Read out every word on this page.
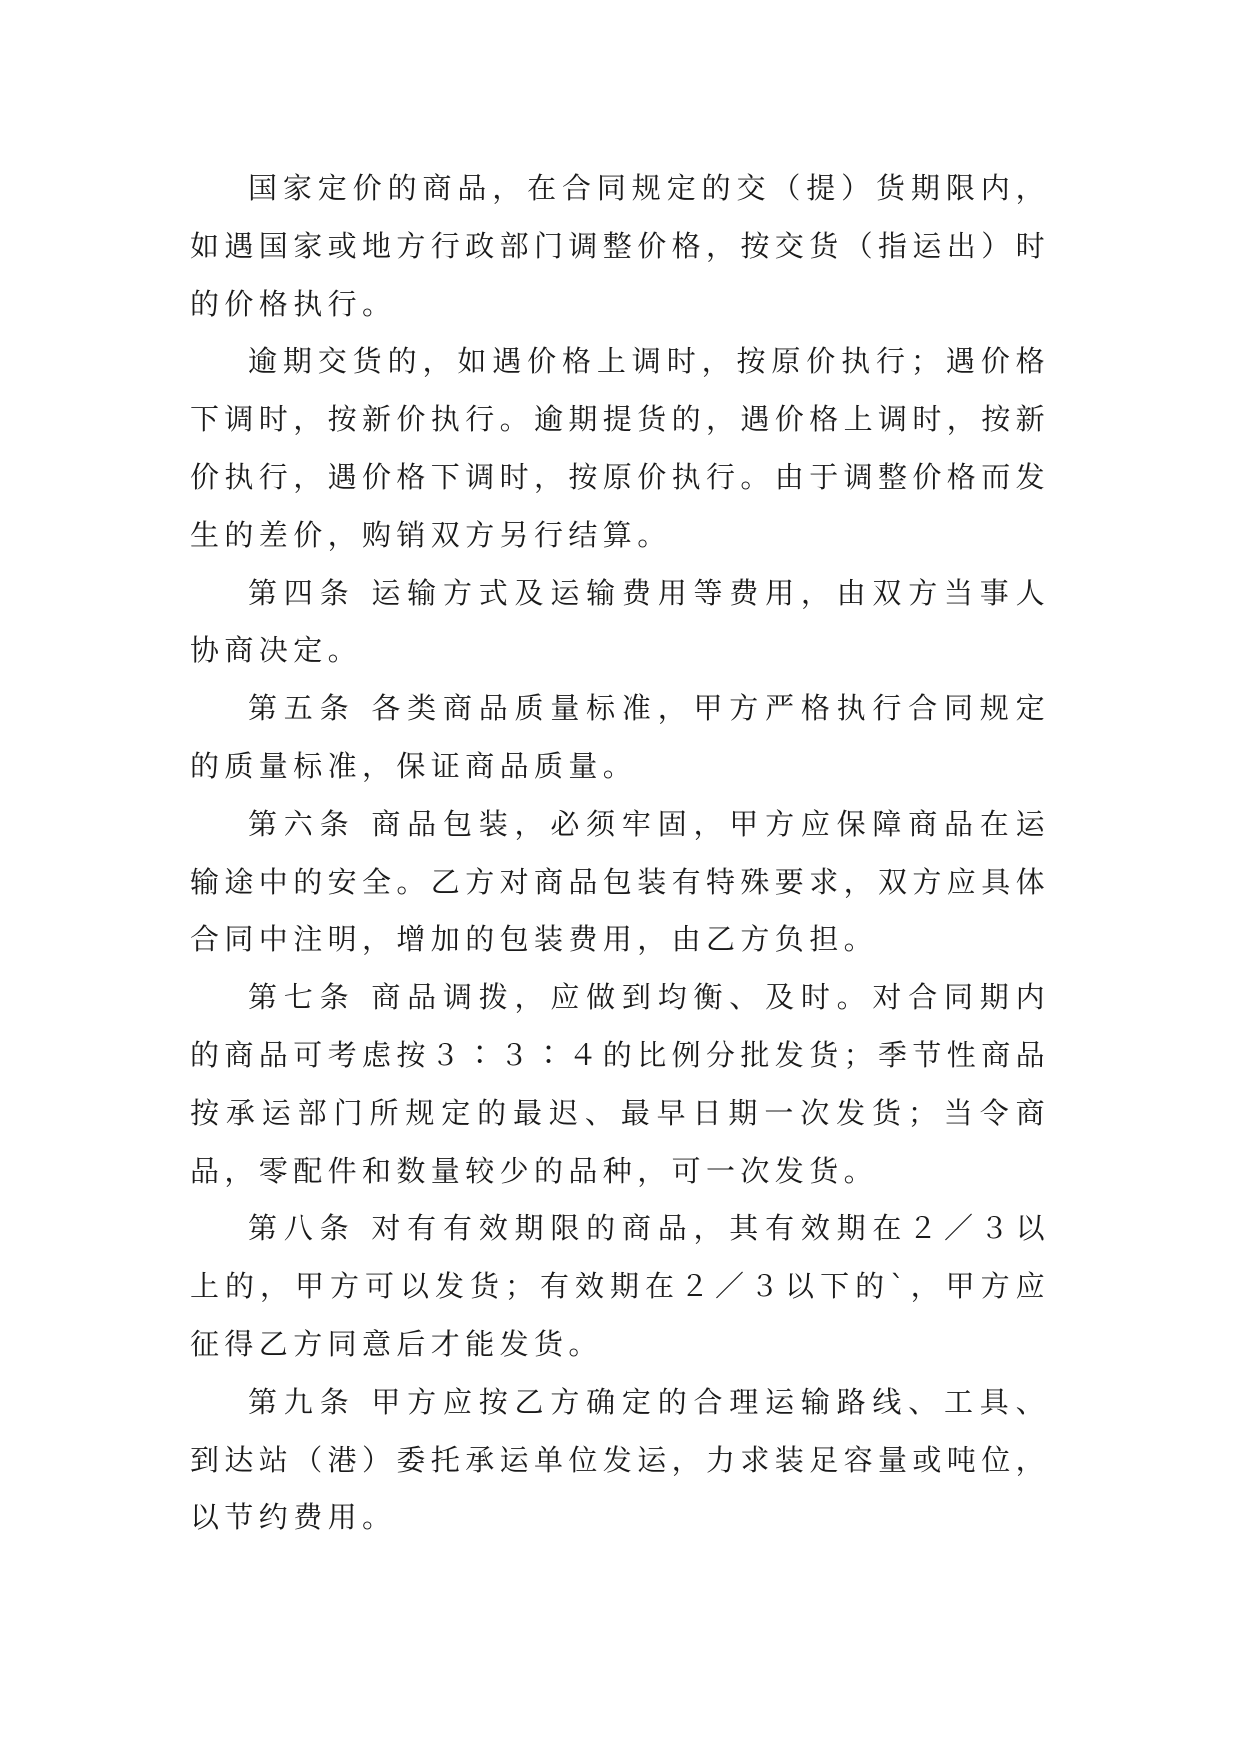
国家定价的商品，在合同规定的交（提）货期限内，如遇国家或地方行政部门调整价格，按交货（指运出）时的价格执行。

逾期交货的，如遇价格上调时，按原价执行；遇价格下调时，按新价执行。逾期提货的，遇价格上调时，按新价执行，遇价格下调时，按原价执行。由于调整价格而发生的差价，购销双方另行结算。

第四条 运输方式及运输费用等费用，由双方当事人协商决定。

第五条 各类商品质量标准，甲方严格执行合同规定的质量标准，保证商品质量。

第六条 商品包装，必须牢固，甲方应保障商品在运输途中的安全。乙方对商品包装有特殊要求，双方应具体合同中注明，增加的包装费用，由乙方负担。

第七条 商品调拨，应做到均衡、及时。对合同期内的商品可考虑按３∶３∶４的比例分批发货；季节性商品按承运部门所规定的最迟、最早日期一次发货；当令商品，零配件和数量较少的品种，可一次发货。

第八条 对有有效期限的商品，其有效期在２／３以上的，甲方可以发货；有效期在２／３以下的`，甲方应征得乙方同意后才能发货。

第九条 甲方应按乙方确定的合理运输路线、工具、到达站（港）委托承运单位发运，力求装足容量或吨位，以节约费用。
